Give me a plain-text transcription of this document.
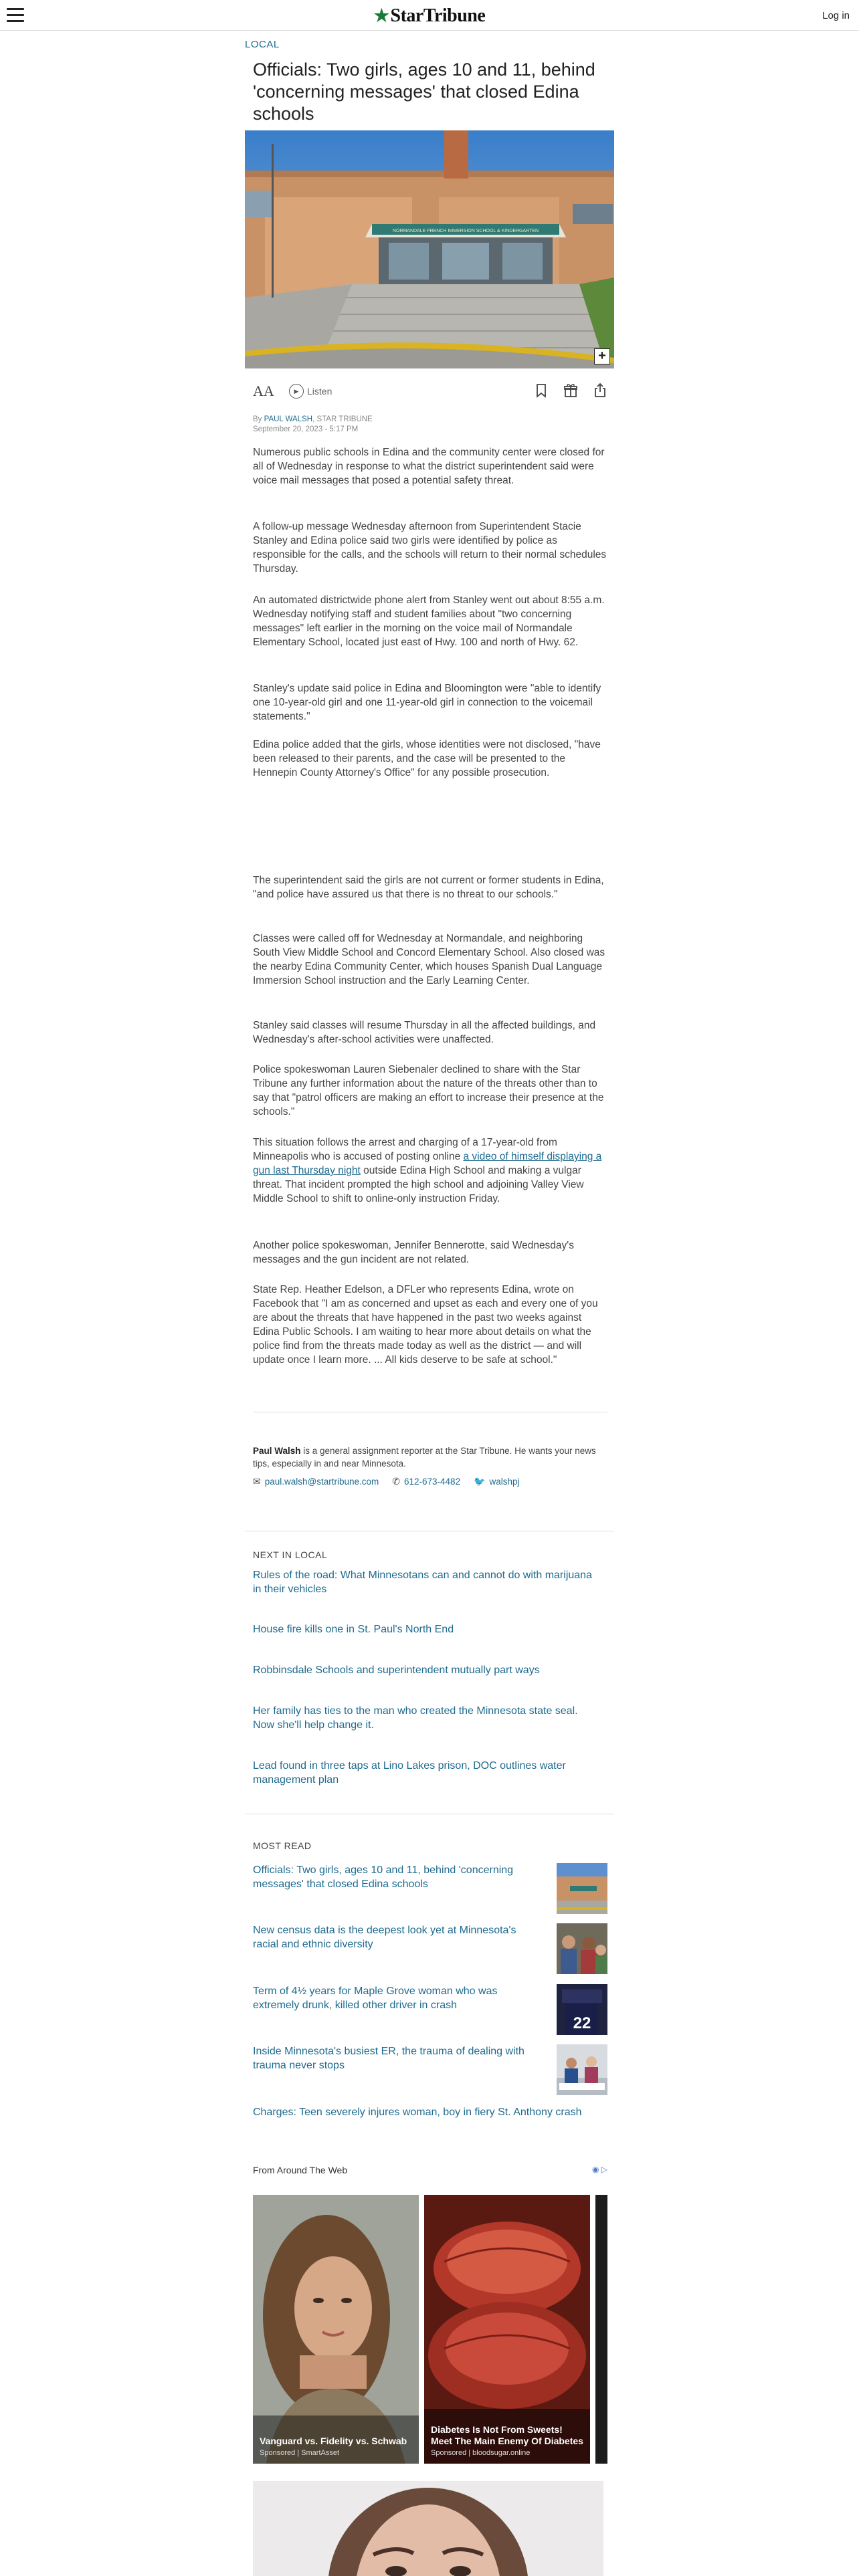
★StarTribune	Log in
LOCAL
Officials: Two girls, ages 10 and 11, behind 'concerning messages' that closed Edina schools
NORMANDALE FRENCH IMMERSION SCHOOL & KINDERGARTEN
+
AA	▶ Listen
By PAUL WALSH, STAR TRIBUNE
September 20, 2023 - 5:17 PM

Numerous public schools in Edina and the community center were closed for all of Wednesday in response to what the district superintendent said were voice mail messages that posed a potential safety threat.

A follow-up message Wednesday afternoon from Superintendent Stacie Stanley and Edina police said two girls were identified by police as responsible for the calls, and the schools will return to their normal schedules Thursday.

An automated districtwide phone alert from Stanley went out about 8:55 a.m. Wednesday notifying staff and student families about "two concerning messages" left earlier in the morning on the voice mail of Normandale Elementary School, located just east of Hwy. 100 and north of Hwy. 62.

Stanley's update said police in Edina and Bloomington were "able to identify one 10-year-old girl and one 11-year-old girl in connection to the voicemail statements."

Edina police added that the girls, whose identities were not disclosed, "have been released to their parents, and the case will be presented to the Hennepin County Attorney's Office" for any possible prosecution.

The superintendent said the girls are not current or former students in Edina, "and police have assured us that there is no threat to our schools."

Classes were called off for Wednesday at Normandale, and neighboring South View Middle School and Concord Elementary School. Also closed was the nearby Edina Community Center, which houses Spanish Dual Language Immersion School instruction and the Early Learning Center.

Stanley said classes will resume Thursday in all the affected buildings, and Wednesday's after-school activities were unaffected.

Police spokeswoman Lauren Siebenaler declined to share with the Star Tribune any further information about the nature of the threats other than to say that "patrol officers are making an effort to increase their presence at the schools."

This situation follows the arrest and charging of a 17-year-old from Minneapolis who is accused of posting online a video of himself displaying a gun last Thursday night outside Edina High School and making a vulgar threat. That incident prompted the high school and adjoining Valley View Middle School to shift to online-only instruction Friday.

Another police spokeswoman, Jennifer Bennerotte, said Wednesday's messages and the gun incident are not related.

State Rep. Heather Edelson, a DFLer who represents Edina, wrote on Facebook that "I am as concerned and upset as each and every one of you are about the threats that have happened in the past two weeks against Edina Public Schools. I am waiting to hear more about details on what the police find from the threats made today as well as the district — and will update once I learn more. ... All kids deserve to be safe at school."

Paul Walsh is a general assignment reporter at the Star Tribune. He wants your news tips, especially in and near Minnesota.
✉ paul.walsh@startribune.com ✆ 612-673-4482 🐦 walshpj
NEXT IN LOCAL
Rules of the road: What Minnesotans can and cannot do with marijuana in their vehicles
House fire kills one in St. Paul's North End
Robbinsdale Schools and superintendent mutually part ways
Her family has ties to the man who created the Minnesota state seal. Now she'll help change it.
Lead found in three taps at Lino Lakes prison, DOC outlines water management plan
MOST READ
Officials: Two girls, ages 10 and 11, behind 'concerning messages' that closed Edina schools
New census data is the deepest look yet at Minnesota's racial and ethnic diversity
Term of 4½ years for Maple Grove woman who was extremely drunk, killed other driver in crash
22
Inside Minnesota's busiest ER, the trauma of dealing with trauma never stops
Charges: Teen severely injures woman, boy in fiery St. Anthony crash
From Around The Web	◉ ▷
Vanguard vs. Fidelity vs. Schwab
Sponsored | SmartAsset
Diabetes Is Not From Sweets! Meet The Main Enemy Of Diabetes
Sponsored | bloodsugar.online
